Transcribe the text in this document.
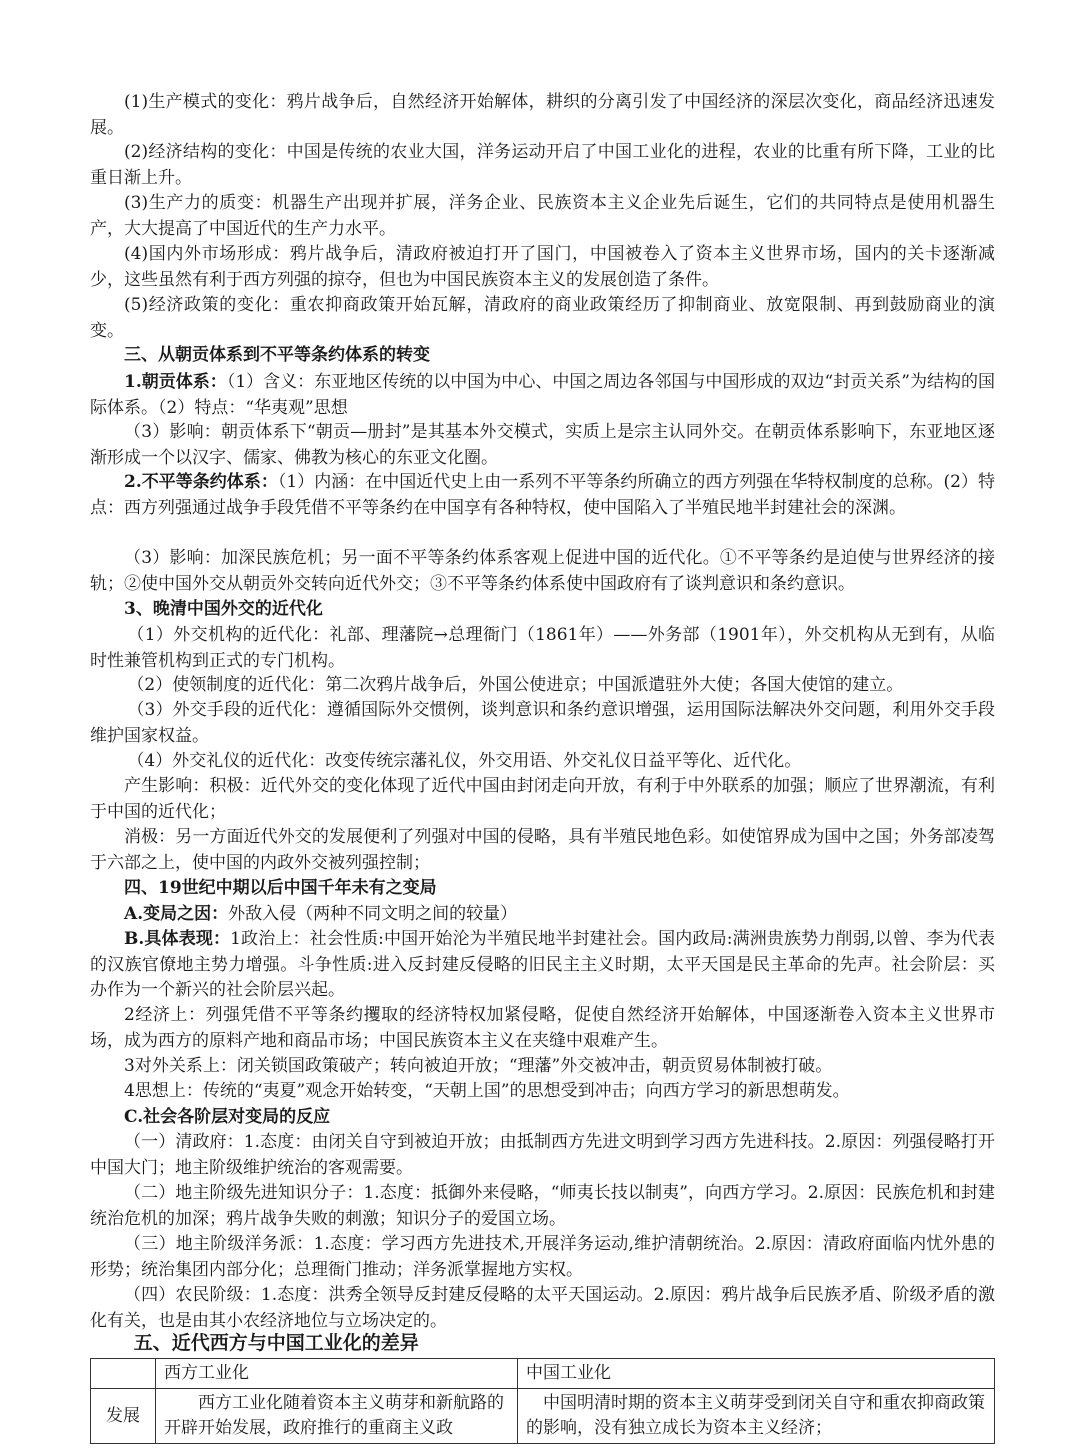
(1)生产模式的变化：鸦片战争后，自然经济开始解体，耕织的分离引发了中国经济的深层次变化，商品经济迅速发展。

(2)经济结构的变化：中国是传统的农业大国，洋务运动开启了中国工业化的进程，农业的比重有所下降，工业的比重日渐上升。

(3)生产力的质变：机器生产出现并扩展，洋务企业、民族资本主义企业先后诞生，它们的共同特点是使用机器生产，大大提高了中国近代的生产力水平。

(4)国内外市场形成：鸦片战争后，清政府被迫打开了国门，中国被卷入了资本主义世界市场，国内的关卡逐渐减少，这些虽然有利于西方列强的掠夺，但也为中国民族资本主义的发展创造了条件。

(5)经济政策的变化：重农抑商政策开始瓦解，清政府的商业政策经历了抑制商业、放宽限制、再到鼓励商业的演变。

三、从朝贡体系到不平等条约体系的转变

1.朝贡体系：（1）含义：东亚地区传统的以中国为中心、中国之周边各邻国与中国形成的双边“封贡关系”为结构的国际体系。（2）特点：“华夷观”思想

（3）影响：朝贡体系下“朝贡—册封”是其基本外交模式，实质上是宗主认同外交。在朝贡体系影响下，东亚地区逐渐形成一个以汉字、儒家、佛教为核心的东亚文化圈。

2.不平等条约体系：（1）内涵：在中国近代史上由一系列不平等条约所确立的西方列强在华特权制度的总称。(2）特点：西方列强通过战争手段凭借不平等条约在中国享有各种特权，使中国陷入了半殖民地半封建社会的深渊。

（3）影响：加深民族危机；另一面不平等条约体系客观上促进中国的近代化。①不平等条约是迫使与世界经济的接轨；②使中国外交从朝贡外交转向近代外交；③不平等条约体系使中国政府有了谈判意识和条约意识。

3、晚清中国外交的近代化

（1）外交机构的近代化：礼部、理藩院→总理衙门（1861年）——外务部（1901年），外交机构从无到有，从临时性兼管机构到正式的专门机构。

（2）使领制度的近代化：第二次鸦片战争后，外国公使进京；中国派遣驻外大使；各国大使馆的建立。

（3）外交手段的近代化：遵循国际外交惯例，谈判意识和条约意识增强，运用国际法解决外交问题，利用外交手段维护国家权益。

（4）外交礼仪的近代化：改变传统宗藩礼仪，外交用语、外交礼仪日益平等化、近代化。

产生影响：积极：近代外交的变化体现了近代中国由封闭走向开放，有利于中外联系的加强；顺应了世界潮流，有利于中国的近代化；

消极：另一方面近代外交的发展便利了列强对中国的侵略，具有半殖民地色彩。如使馆界成为国中之国；外务部凌驾于六部之上，使中国的内政外交被列强控制；

四、19世纪中期以后中国千年未有之变局

A.变局之因：外敌入侵（两种不同文明之间的较量）

B.具体表现：1政治上：社会性质:中国开始沦为半殖民地半封建社会。国内政局:满洲贵族势力削弱,以曾、李为代表的汉族官僚地主势力增强。斗争性质:进入反封建反侵略的旧民主主义时期，太平天国是民主革命的先声。社会阶层：买办作为一个新兴的社会阶层兴起。

2经济上：列强凭借不平等条约攫取的经济特权加紧侵略，促使自然经济开始解体，中国逐渐卷入资本主义世界市场，成为西方的原料产地和商品市场；中国民族资本主义在夹缝中艰难产生。

3对外关系上：闭关锁国政策破产；转向被迫开放；“理藩”外交被冲击，朝贡贸易体制被打破。

4思想上：传统的“夷夏”观念开始转变，“天朝上国”的思想受到冲击；向西方学习的新思想萌发。

C.社会各阶层对变局的反应

（一）清政府：1.态度：由闭关自守到被迫开放；由抵制西方先进文明到学习西方先进科技。2.原因：列强侵略打开中国大门；地主阶级维护统治的客观需要。

（二）地主阶级先进知识分子：1.态度：抵御外来侵略，“师夷长技以制夷”，向西方学习。2.原因：民族危机和封建统治危机的加深；鸦片战争失败的刺激；知识分子的爱国立场。

（三）地主阶级洋务派：1.态度：学习西方先进技术,开展洋务运动,维护清朝统治。2.原因：清政府面临内忧外患的形势；统治集团内部分化；总理衙门推动；洋务派掌握地方实权。

（四）农民阶级：1.态度：洪秀全领导反封建反侵略的太平天国运动。2.原因：鸦片战争后民族矛盾、阶级矛盾的激化有关，也是由其小农经济地位与立场决定的。

五、近代西方与中国工业化的差异

	西方工业化	中国工业化
发展	西方工业化随着资本主义萌芽和新航路的开辟开始发展，政府推行的重商主义政	中国明清时期的资本主义萌芽受到闭关自守和重农抑商政策的影响，没有独立成长为资本主义经济；
